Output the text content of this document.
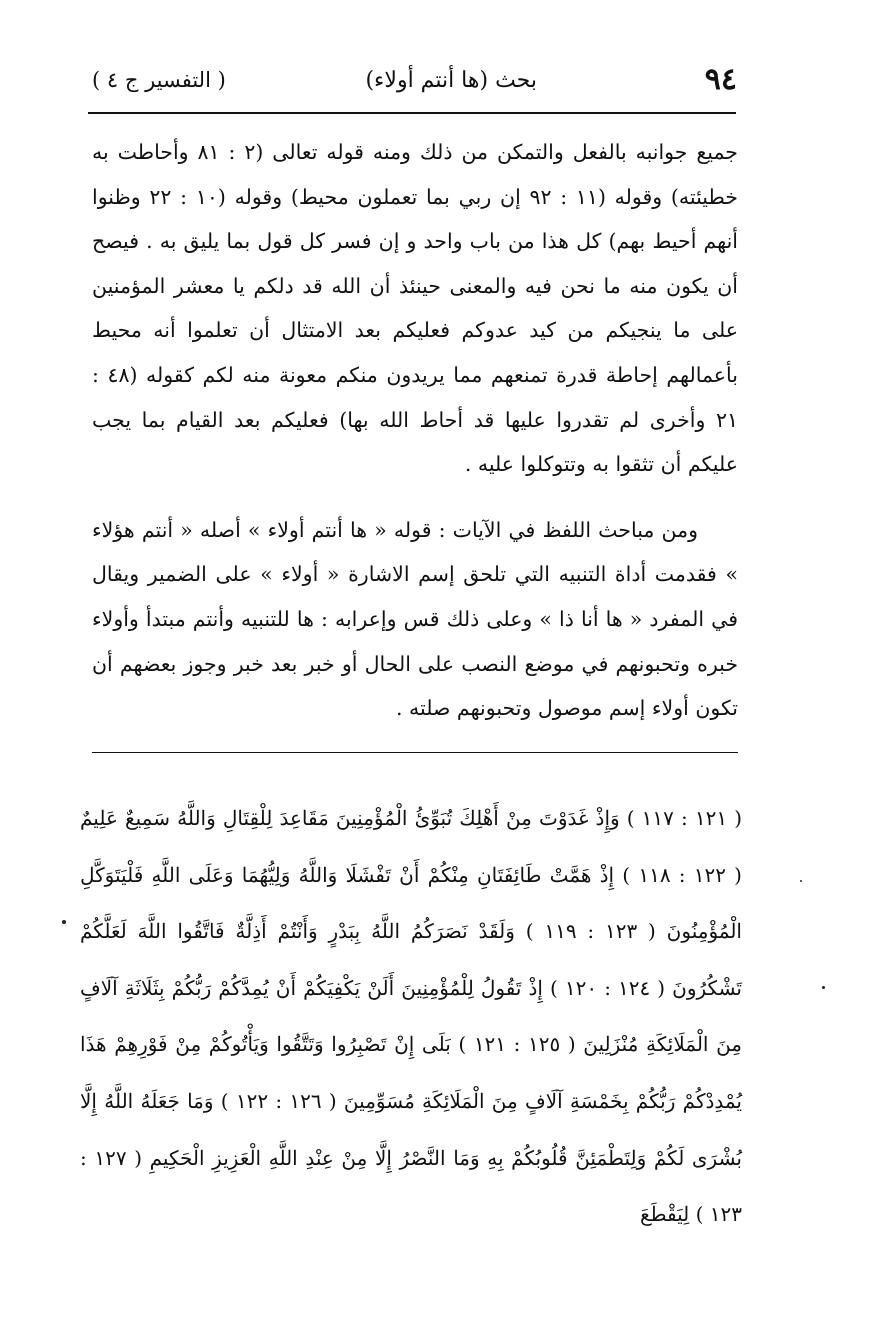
٩٤
بحث (ها أنتم أولاء)
( التفسير ج ٤ )

جميع جوانبه بالفعل والتمكن من ذلك ومنه قوله تعالى (٢ : ٨١ وأحاطت به خطيئته) وقوله (١١ : ٩٢ إن ربي بما تعملون محيط) وقوله (١٠ : ٢٢ وظنوا أنهم أحيط بهم) كل هذا من باب واحد و إن فسر كل قول بما يليق به . فيصح أن يكون منه ما نحن فيه والمعنى حينئذ أن الله قد دلكم يا معشر المؤمنين على ما ينجيكم من كيد عدوكم فعليكم بعد الامتثال أن تعلموا أنه محيط بأعمالهم إحاطة قدرة تمنعهم مما يريدون منكم معونة منه لكم كقوله (٤٨ : ٢١ وأخرى لم تقدروا عليها قد أحاط الله بها) فعليكم بعد القيام بما يجب عليكم أن تثقوا به وتتوكلوا عليه .

ومن مباحث اللفظ في الآيات : قوله « ها أنتم أولاء » أصله « أنتم هؤلاء » فقدمت أداة التنبيه التي تلحق إسم الاشارة « أولاء » على الضمير ويقال في المفرد « ها أنا ذا » وعلى ذلك قس وإعرابه : ها للتنبيه وأنتم مبتدأ وأولاء خبره وتحبونهم في موضع النصب على الحال أو خبر بعد خبر وجوز بعضهم أن تكون أولاء إسم موصول وتحبونهم صلته .

( ١٢١ : ١١٧ ) وَإِذْ غَدَوْتَ مِنْ أَهْلِكَ تُبَوِّئُ الْمُؤْمِنِينَ مَقَاعِدَ لِلْقِتَالِ وَاللَّهُ سَمِيعٌ عَلِيمٌ ( ١٢٢ : ١١٨ ) إِذْ هَمَّتْ طَائِفَتَانِ مِنْكُمْ أَنْ تَفْشَلَا وَاللَّهُ وَلِيُّهُمَا وَعَلَى اللَّهِ فَلْيَتَوَكَّلِ الْمُؤْمِنُونَ ( ١٢٣ : ١١٩ ) وَلَقَدْ نَصَرَكُمُ اللَّهُ بِبَدْرٍ وَأَنْتُمْ أَذِلَّةٌ فَاتَّقُوا اللَّهَ لَعَلَّكُمْ تَشْكُرُونَ ( ١٢٤ : ١٢٠ ) إِذْ تَقُولُ لِلْمُؤْمِنِينَ أَلَنْ يَكْفِيَكُمْ أَنْ يُمِدَّكُمْ رَبُّكُمْ بِثَلَاثَةِ آلَافٍ مِنَ الْمَلَائِكَةِ مُنْزَلِينَ ( ١٢٥ : ١٢١ ) بَلَى إِنْ تَصْبِرُوا وَتَتَّقُوا وَيَأْتُوكُمْ مِنْ فَوْرِهِمْ هَذَا يُمْدِدْكُمْ رَبُّكُمْ بِخَمْسَةِ آلَافٍ مِنَ الْمَلَائِكَةِ مُسَوِّمِينَ ( ١٢٦ : ١٢٢ ) وَمَا جَعَلَهُ اللَّهُ إِلَّا بُشْرَى لَكُمْ وَلِتَطْمَئِنَّ قُلُوبُكُمْ بِهِ وَمَا النَّصْرُ إِلَّا مِنْ عِنْدِ اللَّهِ الْعَزِيزِ الْحَكِيمِ ( ١٢٧ : ١٢٣ ) لِيَقْطَعَ
